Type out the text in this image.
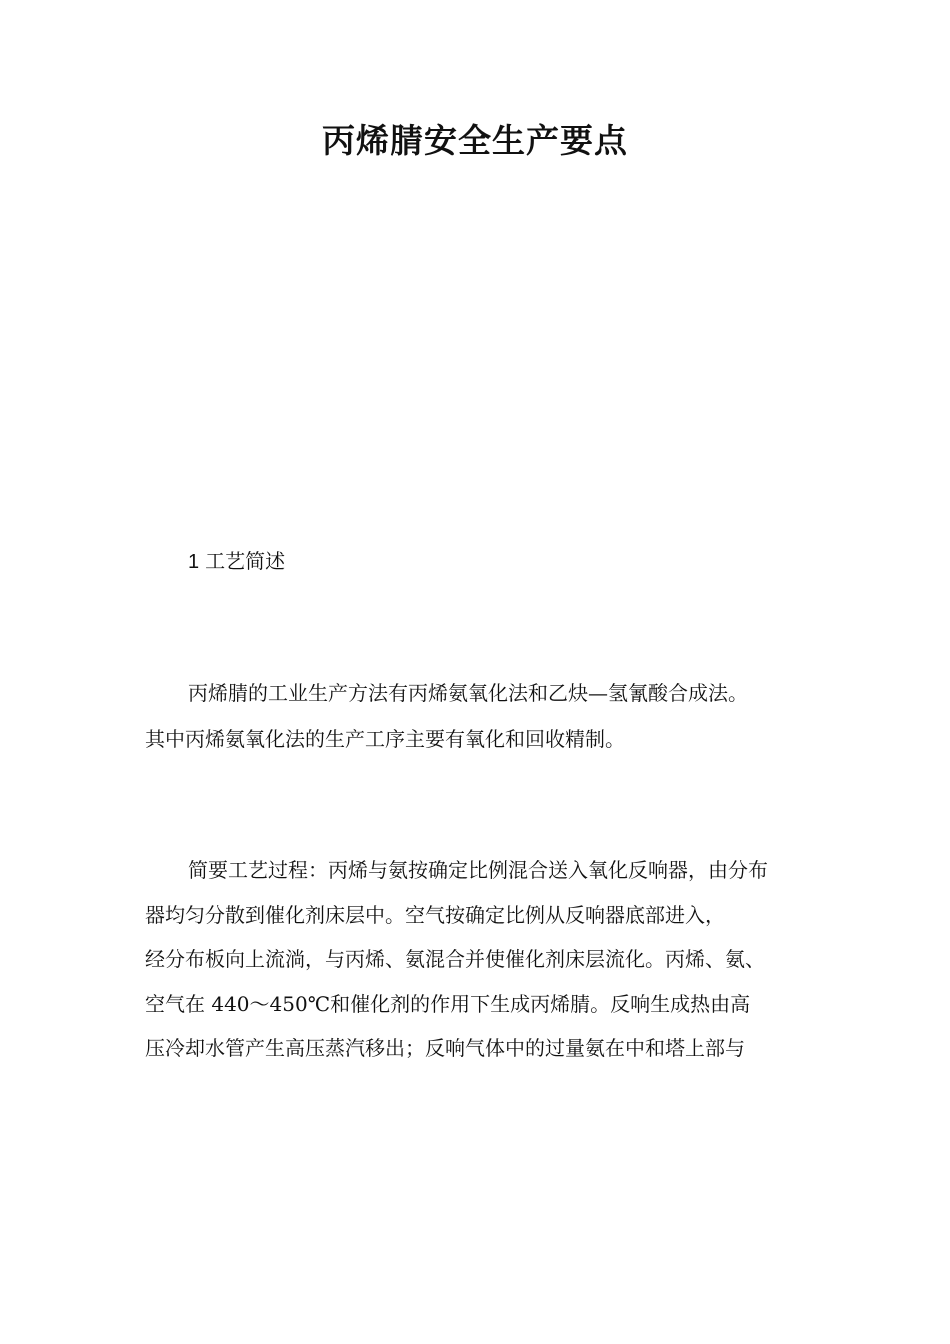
丙烯腈安全生产要点
1 工艺简述
丙烯腈的工业生产方法有丙烯氨氧化法和乙炔—氢氰酸合成法。
其中丙烯氨氧化法的生产工序主要有氧化和回收精制。
简要工艺过程：丙烯与氨按确定比例混合送入氧化反响器，由分布
器均匀分散到催化剂床层中。空气按确定比例从反响器底部进入，
经分布板向上流淌，与丙烯、氨混合并使催化剂床层流化。丙烯、氨、
空气在 440～450℃和催化剂的作用下生成丙烯腈。反响生成热由高
压冷却水管产生高压蒸汽移出；反响气体中的过量氨在中和塔上部与
